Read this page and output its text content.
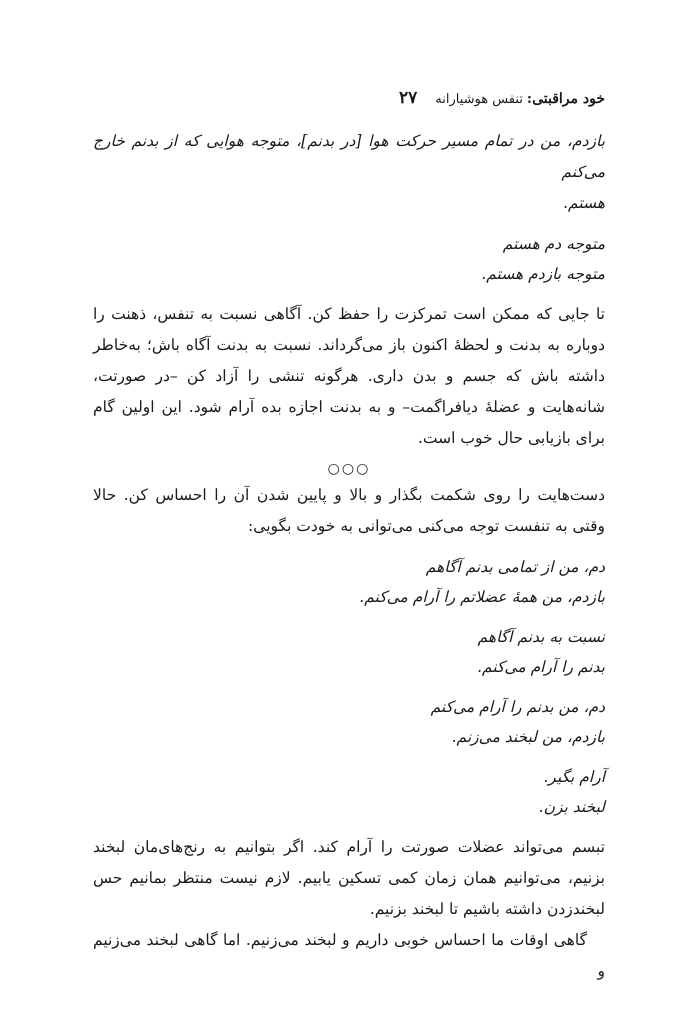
خود مراقبتی:
تنفس هوشیارانه
۲۷

بازدم، من در تمام مسیر حرکت هوا [در بدنم]، متوجه هوایی که از بدنم خارج می‌کنم

هستم.

متوجه دم هستم

متوجه بازدم هستم.

تا جایی که ممکن است تمرکزت را حفظ کن. آگاهی نسبت به تنفس، ذهنت را دوباره به بدنت و لحظهٔ اکنون باز می‌گرداند. نسبت به بدنت آگاه باش؛ به‌خاطر داشته باش که جسم و بدن داری. هرگونه تنشی را آزاد کن –در صورتت، شانه‌هایت و عضلهٔ دیافراگمت– و به بدنت اجازه بده آرام شود. این اولین گام برای بازیابی حال خوب است.

○○○

دست‌هایت را روی شکمت بگذار و بالا و پایین شدن آن را احساس کن. حالا وقتی به تنفست توجه می‌کنی می‌توانی به خودت بگویی:

دم، من از تمامی بدنم آگاهم

بازدم، من همهٔ عضلاتم را آرام می‌کنم.

نسبت به بدنم آگاهم

بدنم را آرام می‌کنم.

دم، من بدنم را آرام می‌کنم

بازدم، من لبخند می‌زنم.

آرام بگیر.

لبخند بزن.

تبسم می‌تواند عضلات صورتت را آرام کند. اگر بتوانیم به رنج‌های‌مان لبخند بزنیم، می‌توانیم همان زمان کمی تسکین یابیم. لازم نیست منتظر بمانیم حس لبخندزدن داشته باشیم تا لبخند بزنیم.

گاهی اوقات ما احساس خوبی داریم و لبخند می‌زنیم. اما گاهی لبخند می‌زنیم و
